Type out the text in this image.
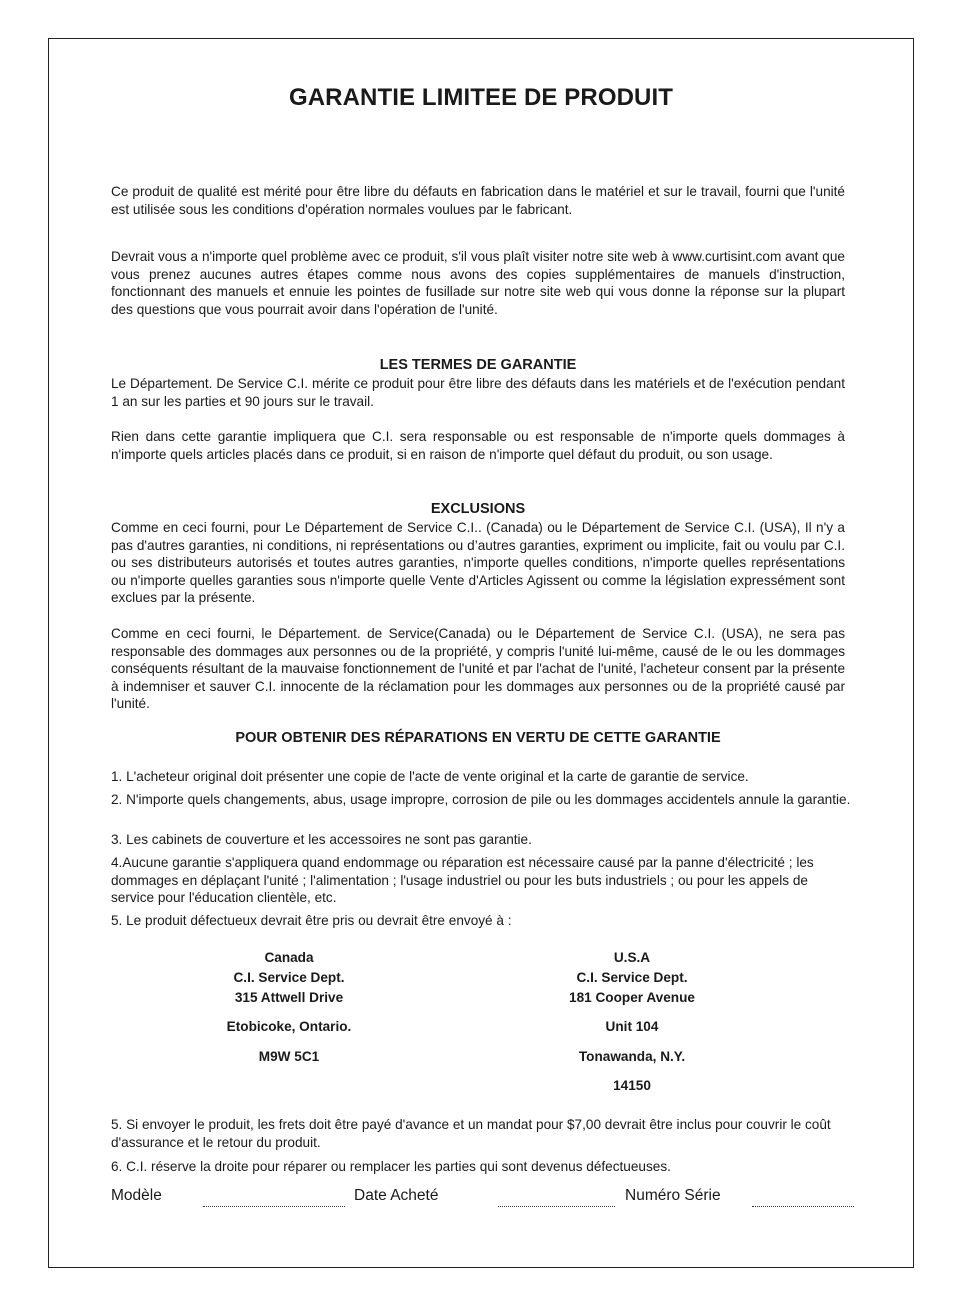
GARANTIE LIMITEE DE PRODUIT
Ce produit de qualité est mérité pour être libre du défauts en fabrication dans le matériel et sur le travail, fourni que l'unité est utilisée sous les conditions d'opération normales voulues par le fabricant.
Devrait vous a n'importe quel problème avec ce produit, s'il vous plaît visiter notre site web à www.curtisint.com avant que vous prenez aucunes autres étapes comme nous avons des copies supplémentaires de manuels d'instruction, fonctionnant des manuels et ennuie les pointes de fusillade sur notre site web qui vous donne la réponse sur la plupart des questions que vous pourrait avoir dans l'opération de l'unité.
LES TERMES DE GARANTIE
Le Département. De Service C.I. mérite ce produit pour être libre des défauts dans les matériels et de l'exécution pendant 1 an sur les parties et 90 jours sur le travail.
Rien dans cette garantie impliquera que C.I. sera responsable ou est responsable de n'importe quels dommages à n'importe quels articles placés dans ce produit, si en raison de n'importe quel défaut du produit, ou son usage.
EXCLUSIONS
Comme en ceci fourni, pour Le Département de Service C.I.. (Canada) ou le Département de Service C.I. (USA), Il n'y a pas d'autres garanties, ni conditions, ni représentations ou d’autres garanties, expriment ou implicite, fait ou voulu par C.I. ou ses distributeurs autorisés et toutes autres garanties, n'importe quelles conditions, n'importe quelles représentations ou n'importe quelles garanties sous n'importe quelle Vente d'Articles Agissent ou comme la législation expressément sont exclues par la présente.
Comme en ceci fourni, le Département. de Service(Canada) ou le Département de Service C.I. (USA), ne sera pas responsable des dommages aux personnes ou de la propriété, y compris l'unité lui-même, causé de le ou les dommages conséquents résultant de la mauvaise fonctionnement de l'unité et par l'achat de l'unité, l'acheteur consent par la présente à indemniser et sauver C.I. innocente de la réclamation pour les dommages aux personnes ou de la propriété causé par l'unité.
POUR OBTENIR DES RÉPARATIONS EN VERTU DE CETTE GARANTIE
1. L'acheteur original doit présenter une copie de l'acte de vente original et la carte de garantie de service.
2. N'importe quels changements, abus, usage impropre, corrosion de pile ou les dommages accidentels annule la garantie.
3. Les cabinets de couverture et les accessoires ne sont pas garantie.
4.Aucune garantie s'appliquera quand endommage ou réparation est nécessaire causé par la panne d'électricité ; les dommages en déplaçant l'unité ; l'alimentation ; l'usage industriel ou pour les buts industriels ; ou pour les appels de service pour l'éducation clientèle, etc.
5. Le produit défectueux devrait être pris ou devrait être envoyé à :
Canada
C.I. Service Dept.
315 Attwell Drive
Etobicoke, Ontario.
M9W 5C1
U.S.A
C.I. Service Dept.
181 Cooper Avenue
Unit 104
Tonawanda, N.Y.
14150
5. Si envoyer le produit, les frets doit être payé d'avance et un mandat pour $7,00 devrait être inclus pour couvrir le coût d'assurance et le retour du produit.
6. C.I. réserve la droite pour réparer ou remplacer les parties qui sont devenus défectueuses.
Modèle	Date Acheté	Numéro Série
